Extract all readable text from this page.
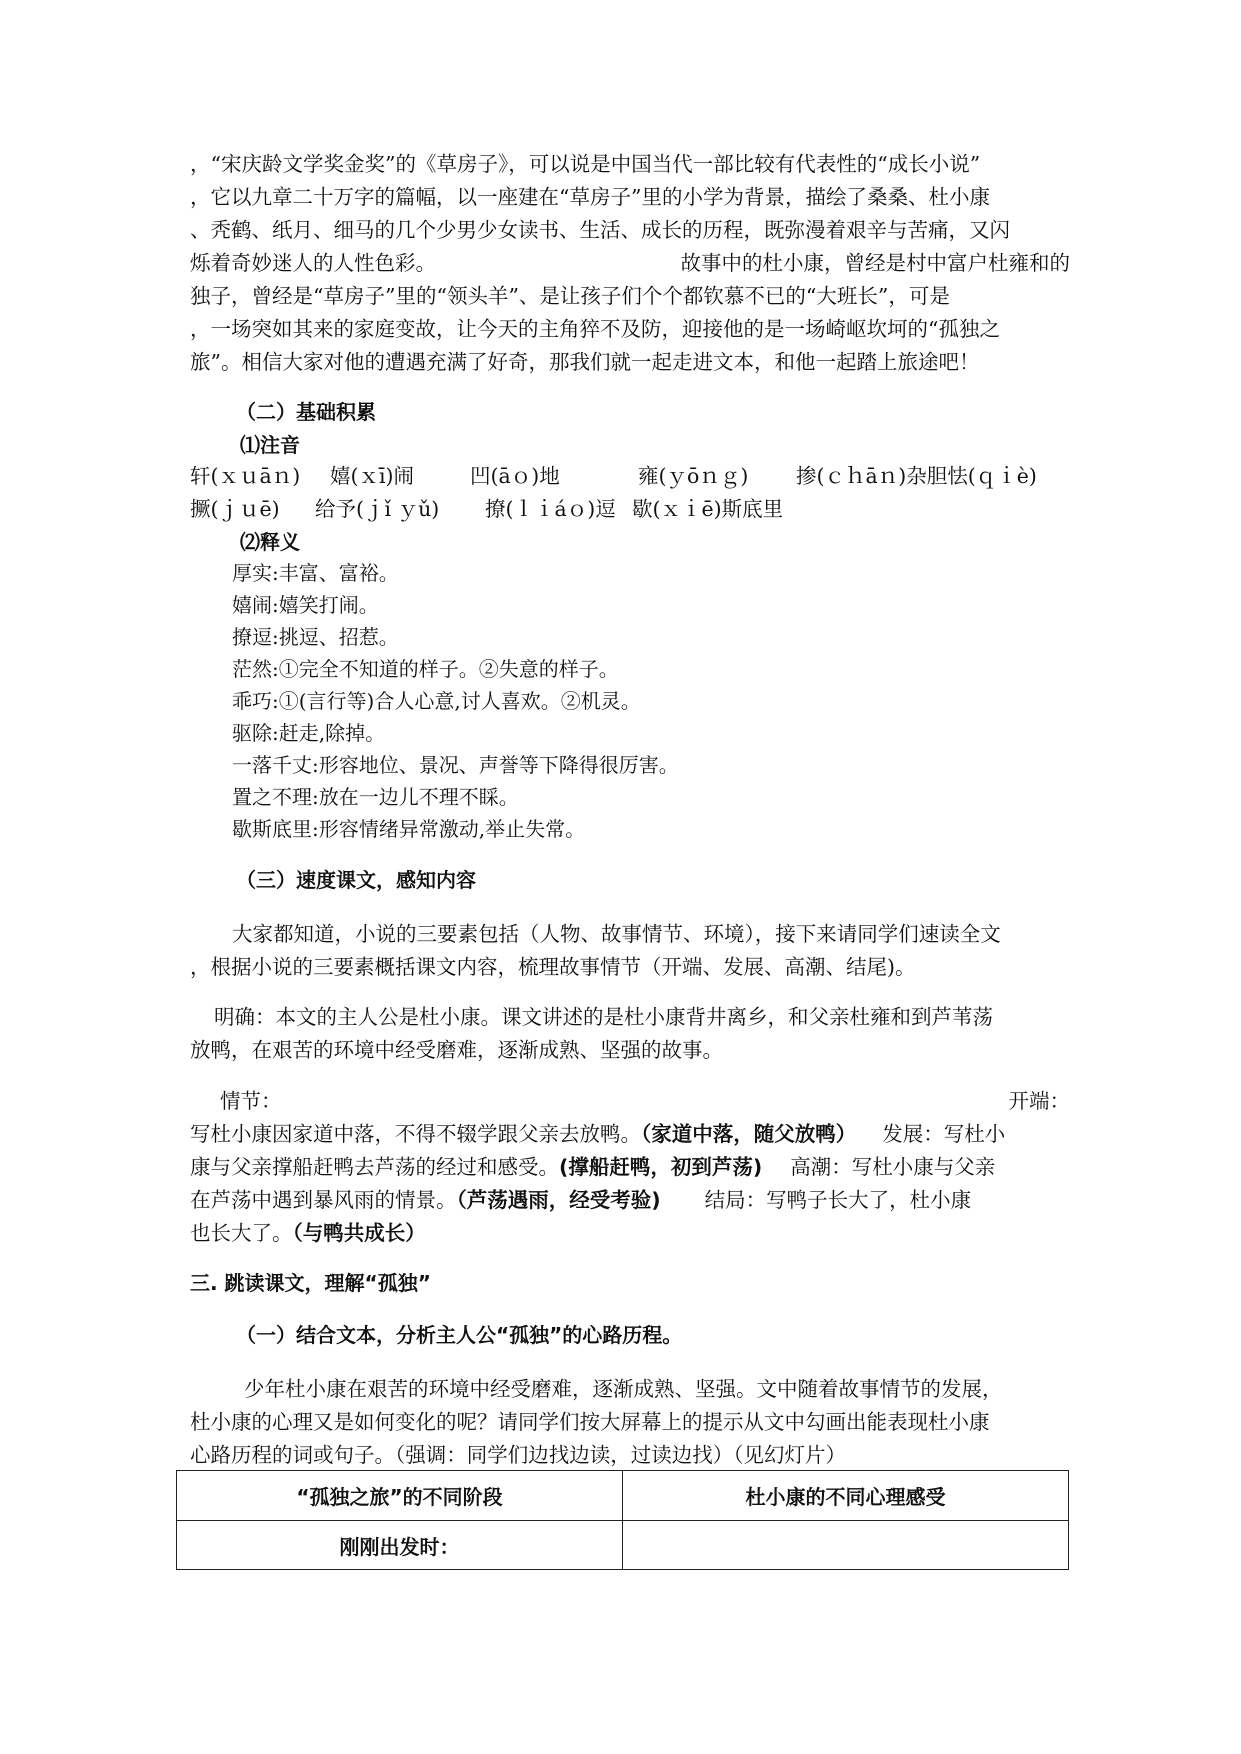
，“宋庆龄文学奖金奖”的《草房子》，可以说是中国当代一部比较有代表性的“成长小说”
，它以九章二十万字的篇幅，以一座建在“草房子”里的小学为背景，描绘了桑桑、杜小康
、秃鹤、纸月、细马的几个少男少女读书、生活、成长的历程，既弥漫着艰辛与苦痛，又闪
烁着奇妙迷人的人性色彩。	故事中的杜小康，曾经是村中富户杜雍和的
独子，曾经是“草房子”里的“领头羊”、是让孩子们个个都钦慕不已的“大班长”，可是
，一场突如其来的家庭变故，让今天的主角猝不及防，迎接他的是一场崎岖坎坷的“孤独之
旅”。相信大家对他的遭遇充满了好奇，那我们就一起走进文本，和他一起踏上旅途吧！
（二）基础积累
⑴注音
轩(ｘｕāｎ) 嬉(ｘī)闹	凹(āｏ)地	雍(ｙōｎｇ) 掺(ｃｈāｎ)杂胆怯(ｑｉè)
撅(ｊｕē) 给予(ｊǐ ｙǔ) 撩(ｌｉáｏ)逗 歇(ｘｉē)斯底里
⑵释义
厚实:丰富、富裕。
嬉闹:嬉笑打闹。
撩逗:挑逗、招惹。
茫然:①完全不知道的样子。②失意的样子。
乖巧:①(言行等)合人心意,讨人喜欢。②机灵。
驱除:赶走,除掉。
一落千丈:形容地位、景况、声誉等下降得很厉害。
置之不理:放在一边儿不理不睬。
歇斯底里:形容情绪异常激动,举止失常。
（三）速度课文，感知内容
大家都知道，小说的三要素包括（人物、故事情节、环境），接下来请同学们速读全文
，根据小说的三要素概括课文内容，梳理故事情节（开端、发展、高潮、结尾)。
明确：本文的主人公是杜小康。课文讲述的是杜小康背井离乡，和父亲杜雍和到芦苇荡
放鸭，在艰苦的环境中经受磨难，逐渐成熟、坚强的故事。
情节：	开端：
写杜小康因家道中落，不得不辍学跟父亲去放鸭。（家道中落，随父放鸭） 发展：写杜小
康与父亲撑船赶鸭去芦荡的经过和感受。(撑船赶鸭，初到芦荡) 高潮：写杜小康与父亲
在芦荡中遇到暴风雨的情景。（芦荡遇雨，经受考验) 结局：写鸭子长大了，杜小康
也长大了。（与鸭共成长）
三. 跳读课文，理解“孤独”
（一）结合文本，分析主人公“孤独”的心路历程。
少年杜小康在艰苦的环境中经受磨难，逐渐成熟、坚强。文中随着故事情节的发展，
杜小康的心理又是如何变化的呢？请同学们按大屏幕上的提示从文中勾画出能表现杜小康
心路历程的词或句子。（强调：同学们边找边读，过读边找）（见幻灯片）
“孤独之旅”的不同阶段	杜小康的不同心理感受
刚刚出发时：	
